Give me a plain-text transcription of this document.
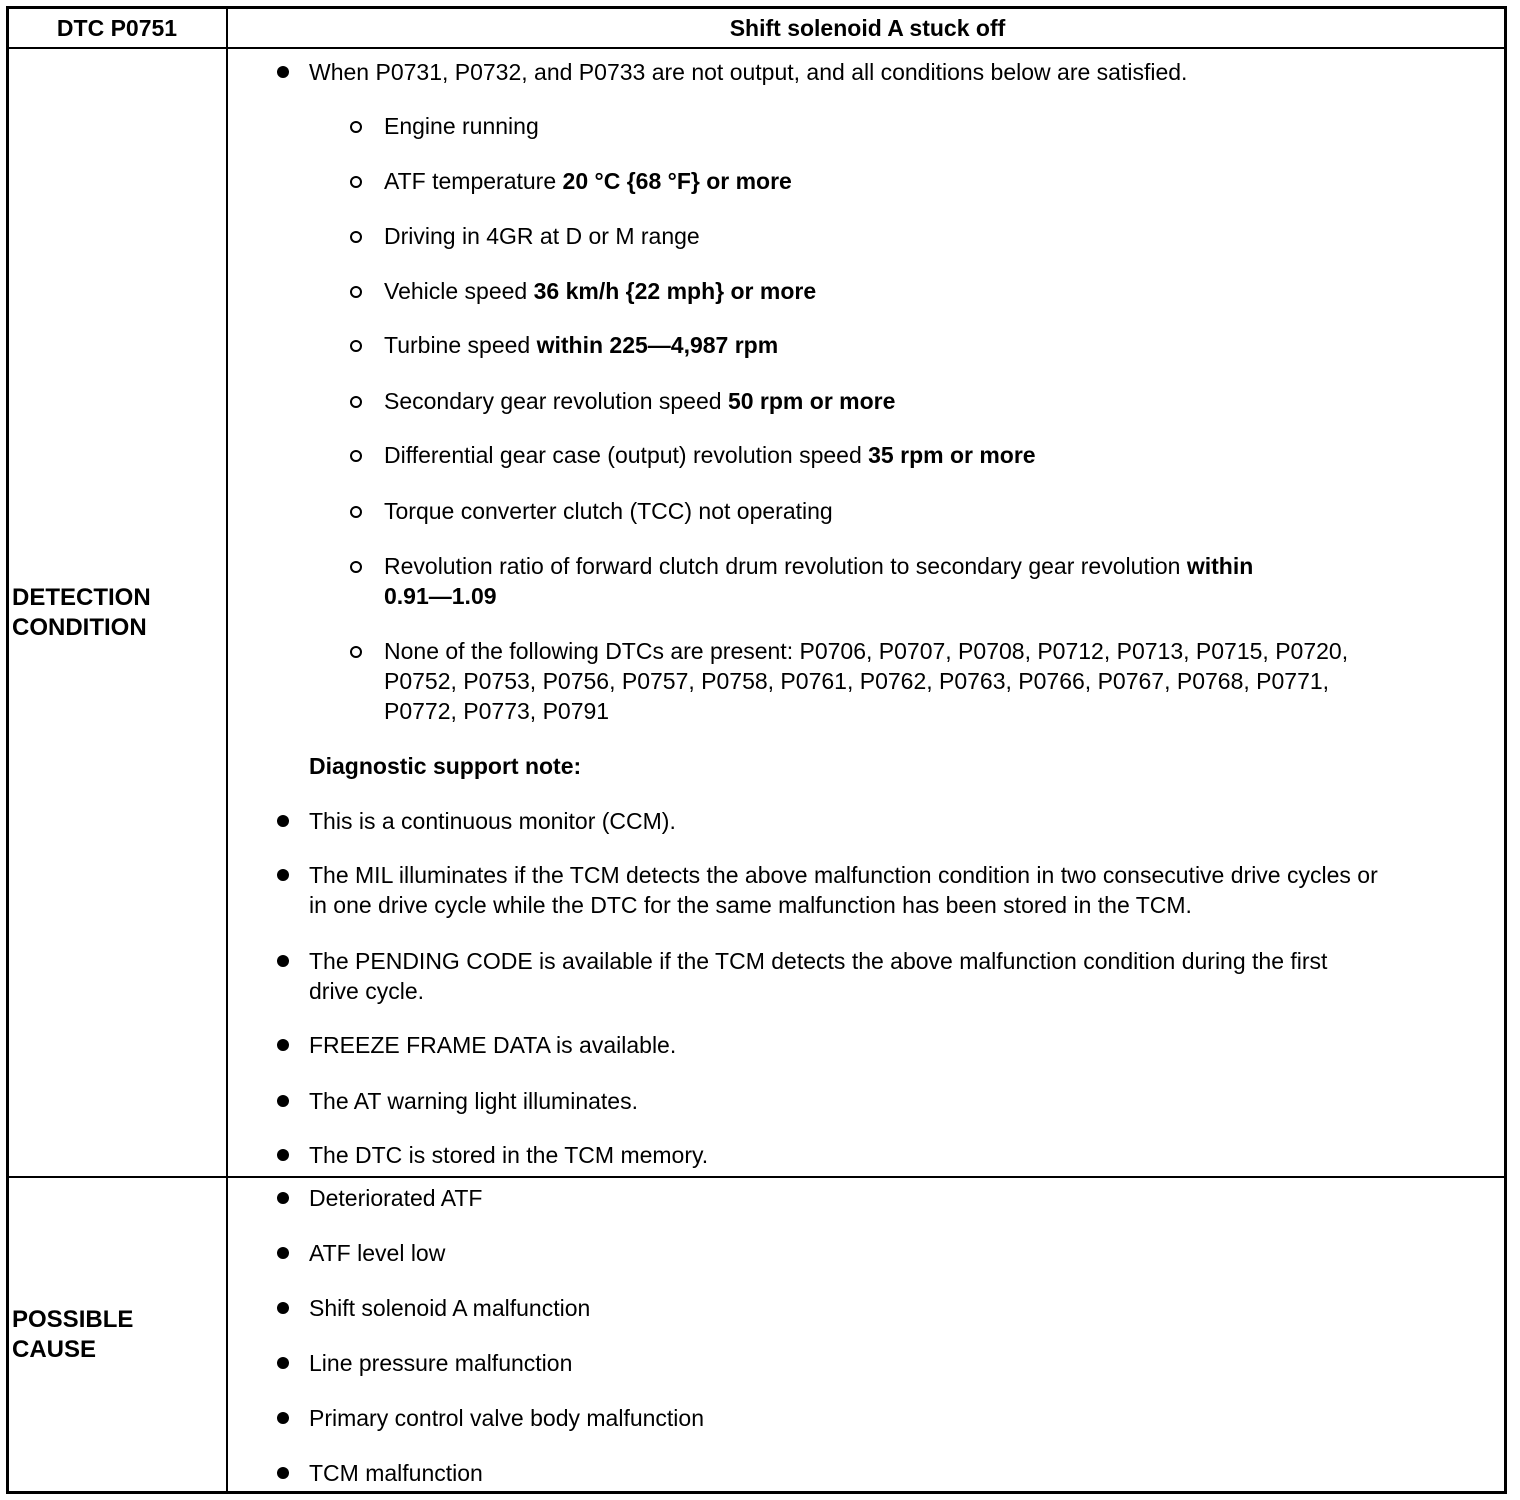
DTC P0751	Shift solenoid A stuck off
DETECTION
CONDITION
When P0731, P0732, and P0733 are not output, and all conditions below are satisfied.
Engine running
ATF temperature 20 °C {68 °F} or more
Driving in 4GR at D or M range
Vehicle speed 36 km/h {22 mph} or more
Turbine speed within 225—4,987 rpm
Secondary gear revolution speed 50 rpm or more
Differential gear case (output) revolution speed 35 rpm or more
Torque converter clutch (TCC) not operating
Revolution ratio of forward clutch drum revolution to secondary gear revolution within
0.91—1.09
None of the following DTCs are present: P0706, P0707, P0708, P0712, P0713, P0715, P0720,
P0752, P0753, P0756, P0757, P0758, P0761, P0762, P0763, P0766, P0767, P0768, P0771,
P0772, P0773, P0791
Diagnostic support note:
This is a continuous monitor (CCM).
The MIL illuminates if the TCM detects the above malfunction condition in two consecutive drive cycles or
in one drive cycle while the DTC for the same malfunction has been stored in the TCM.
The PENDING CODE is available if the TCM detects the above malfunction condition during the first
drive cycle.
FREEZE FRAME DATA is available.
The AT warning light illuminates.
The DTC is stored in the TCM memory.
POSSIBLE
CAUSE
Deteriorated ATF
ATF level low
Shift solenoid A malfunction
Line pressure malfunction
Primary control valve body malfunction
TCM malfunction
